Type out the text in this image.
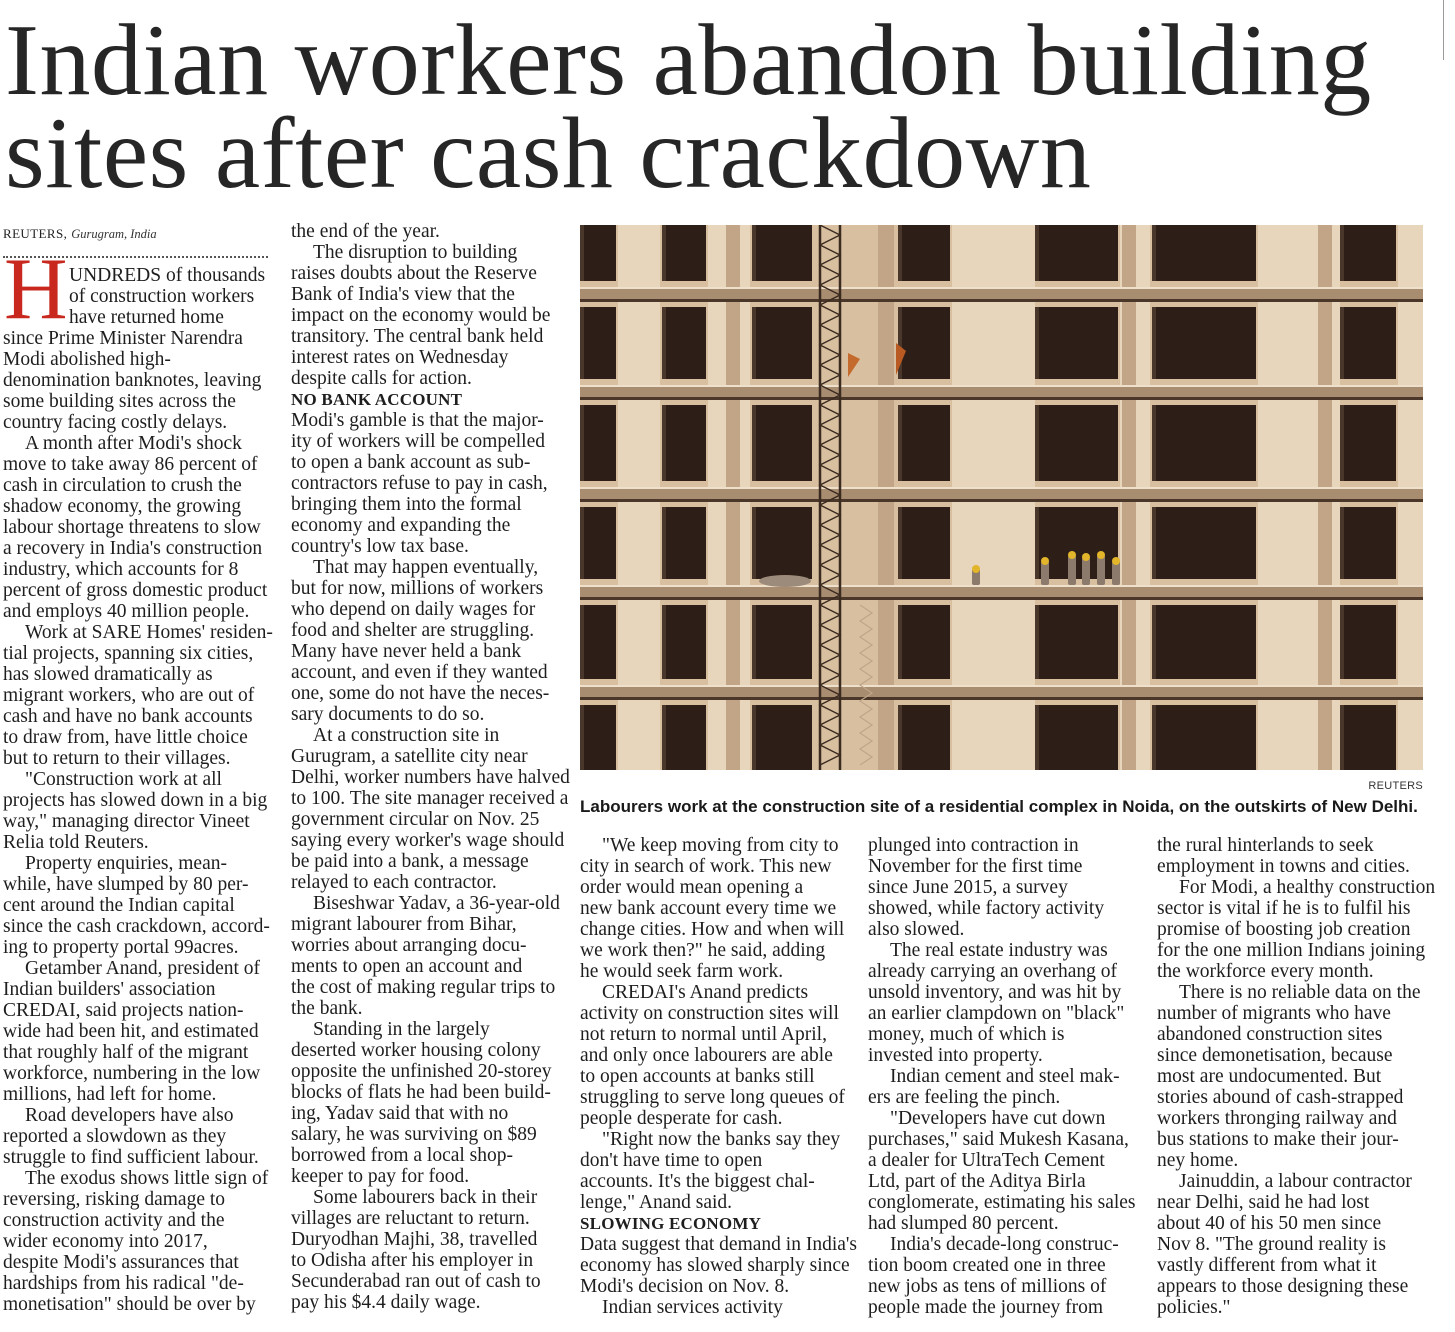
Indian workers abandon building sites after cash crackdown
REUTERS, Gurugram, India
H UNDREDS of thousands
of construction workers
have returned home
since Prime Minister Narendra
Modi abolished high-
denomination banknotes, leaving
some building sites across the
country facing costly delays.
A month after Modi's shock
move to take away 86 percent of
cash in circulation to crush the
shadow economy, the growing
labour shortage threatens to slow
a recovery in India's construction
industry, which accounts for 8
percent of gross domestic product
and employs 40 million people.
Work at SARE Homes' residen-
tial projects, spanning six cities,
has slowed dramatically as
migrant workers, who are out of
cash and have no bank accounts
to draw from, have little choice
but to return to their villages.
"Construction work at all
projects has slowed down in a big
way," managing director Vineet
Relia told Reuters.
Property enquiries, mean-
while, have slumped by 80 per-
cent around the Indian capital
since the cash crackdown, accord-
ing to property portal 99acres.
Getamber Anand, president of
Indian builders' association
CREDAI, said projects nation-
wide had been hit, and estimated
that roughly half of the migrant
workforce, numbering in the low
millions, had left for home.
Road developers have also
reported a slowdown as they
struggle to find sufficient labour.
The exodus shows little sign of
reversing, risking damage to
construction activity and the
wider economy into 2017,
despite Modi's assurances that
hardships from his radical "de-
monetisation" should be over by
the end of the year.
The disruption to building
raises doubts about the Reserve
Bank of India's view that the
impact on the economy would be
transitory. The central bank held
interest rates on Wednesday
despite calls for action.
NO BANK ACCOUNT
Modi's gamble is that the major-
ity of workers will be compelled
to open a bank account as sub-
contractors refuse to pay in cash,
bringing them into the formal
economy and expanding the
country's low tax base.
That may happen eventually,
but for now, millions of workers
who depend on daily wages for
food and shelter are struggling.
Many have never held a bank
account, and even if they wanted
one, some do not have the neces-
sary documents to do so.
At a construction site in
Gurugram, a satellite city near
Delhi, worker numbers have halved
to 100. The site manager received a
government circular on Nov. 25
saying every worker's wage should
be paid into a bank, a message
relayed to each contractor.
Biseshwar Yadav, a 36-year-old
migrant labourer from Bihar,
worries about arranging docu-
ments to open an account and
the cost of making regular trips to
the bank.
Standing in the largely
deserted worker housing colony
opposite the unfinished 20-storey
blocks of flats he had been build-
ing, Yadav said that with no
salary, he was surviving on $89
borrowed from a local shop-
keeper to pay for food.
Some labourers back in their
villages are reluctant to return.
Duryodhan Majhi, 38, travelled
to Odisha after his employer in
Secunderabad ran out of cash to
pay his $4.4 daily wage.
"We keep moving from city to
city in search of work. This new
order would mean opening a
new bank account every time we
change cities. How and when will
we work then?" he said, adding
he would seek farm work.
CREDAI's Anand predicts
activity on construction sites will
not return to normal until April,
and only once labourers are able
to open accounts at banks still
struggling to serve long queues of
people desperate for cash.
"Right now the banks say they
don't have time to open
accounts. It's the biggest chal-
lenge," Anand said.
SLOWING ECONOMY
Data suggest that demand in India's
economy has slowed sharply since
Modi's decision on Nov. 8.
Indian services activity
plunged into contraction in
November for the first time
since June 2015, a survey
showed, while factory activity
also slowed.
The real estate industry was
already carrying an overhang of
unsold inventory, and was hit by
an earlier clampdown on "black"
money, much of which is
invested into property.
Indian cement and steel mak-
ers are feeling the pinch.
"Developers have cut down
purchases," said Mukesh Kasana,
a dealer for UltraTech Cement
Ltd, part of the Aditya Birla
conglomerate, estimating his sales
had slumped 80 percent.
India's decade-long construc-
tion boom created one in three
new jobs as tens of millions of
people made the journey from
the rural hinterlands to seek
employment in towns and cities.
For Modi, a healthy construction
sector is vital if he is to fulfil his
promise of boosting job creation
for the one million Indians joining
the workforce every month.
There is no reliable data on the
number of migrants who have
abandoned construction sites
since demonetisation, because
most are undocumented. But
stories abound of cash-strapped
workers thronging railway and
bus stations to make their jour-
ney home.
Jainuddin, a labour contractor
near Delhi, said he had lost
about 40 of his 50 men since
Nov 8. "The ground reality is
vastly different from what it
appears to those designing these
policies."
REUTERS
Labourers work at the construction site of a residential complex in Noida, on the outskirts of New Delhi.
